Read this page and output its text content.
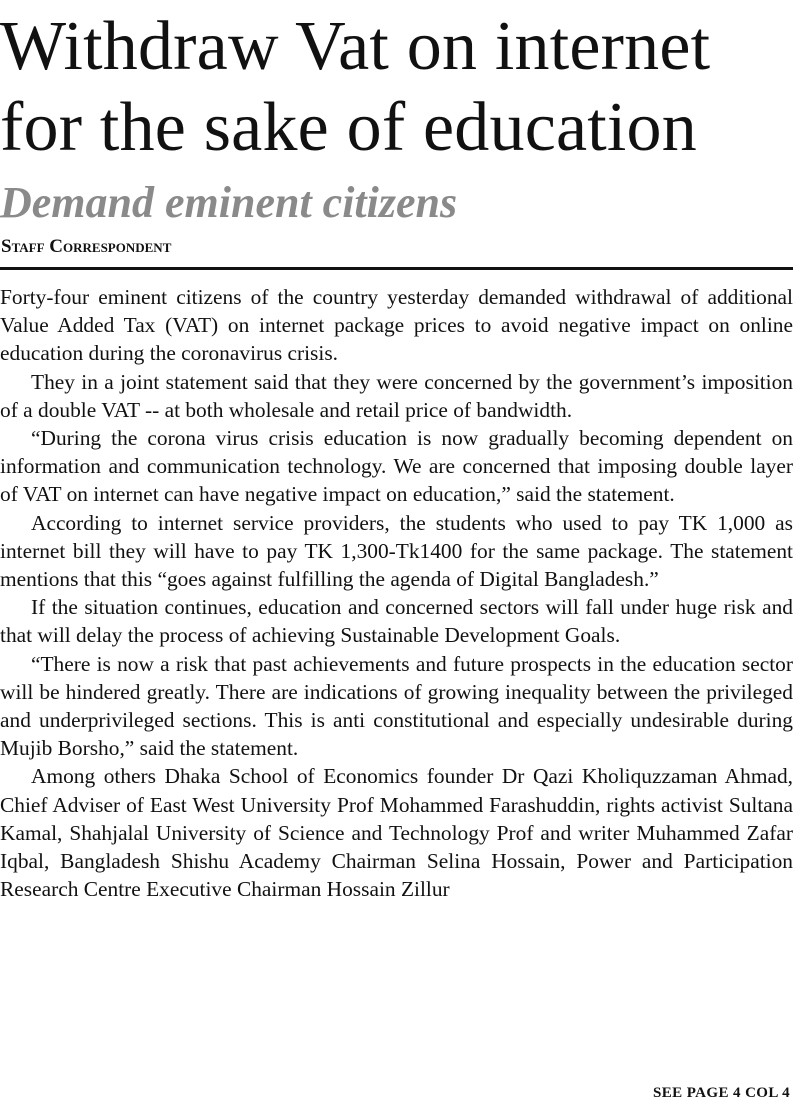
Withdraw Vat on internet
for the sake of education
Demand eminent citizens
Staff Correspondent

Forty-four eminent citizens of the country yesterday demanded withdrawal of additional Value Added Tax (VAT) on internet package prices to avoid negative impact on online education during the coronavirus crisis.

They in a joint statement said that they were concerned by the government’s imposition of a double VAT -- at both wholesale and retail price of bandwidth.

“During the corona virus crisis education is now gradually becoming dependent on information and communication technology. We are concerned that imposing double layer of VAT on internet can have negative impact on education,” said the statement.

According to internet service providers, the students who used to pay TK 1,000 as internet bill they will have to pay TK 1,300-Tk1400 for the same package. The statement mentions that this “goes against fulfilling the agenda of Digital Bangladesh.”

If the situation continues, education and concerned sectors will fall under huge risk and that will delay the process of achieving Sustainable Development Goals.

“There is now a risk that past achievements and future prospects in the education sector will be hindered greatly. There are indications of growing inequality between the privileged and underprivileged sections. This is anti constitutional and especially undesirable during Mujib Borsho,” said the statement.

Among others Dhaka School of Economics founder Dr Qazi Kholiquzzaman Ahmad, Chief Adviser of East West University Prof Mohammed Farashuddin, rights activist Sultana Kamal, Shahjalal University of Science and Technology Prof and writer Muhammed Zafar Iqbal, Bangladesh Shishu Academy Chairman Selina Hossain, Power and Participation Research Centre Executive Chairman Hossain Zillur

SEE PAGE 4 COL 4
